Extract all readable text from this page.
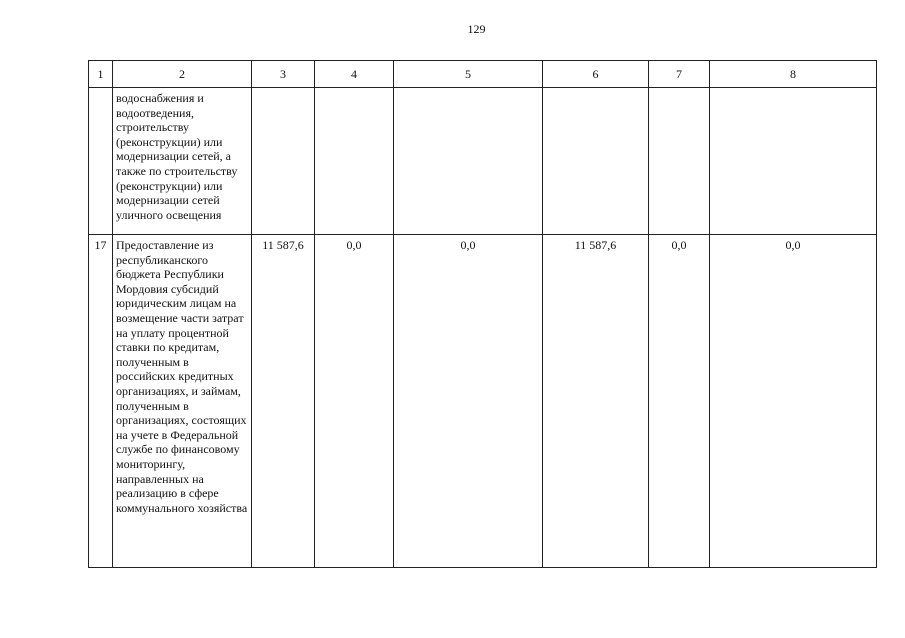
129
1	2	3	4	5	6	7	8
	водоснабжения и водоотведения, строительству (реконструкции) или модернизации сетей, а также по строительству (реконструкции) или модернизации сетей уличного освещения						
17	Предоставление из республиканского бюджета Республики Мордовия субсидий юридическим лицам на возмещение части затрат на уплату процентной ставки по кредитам, полученным в российских кредитных организациях, и займам, полученным в организациях, состоящих на учете в Федеральной службе по финансовому мониторингу, направленных на реализацию в сфере коммунального хозяйства	11 587,6	0,0	0,0	11 587,6	0,0	0,0
